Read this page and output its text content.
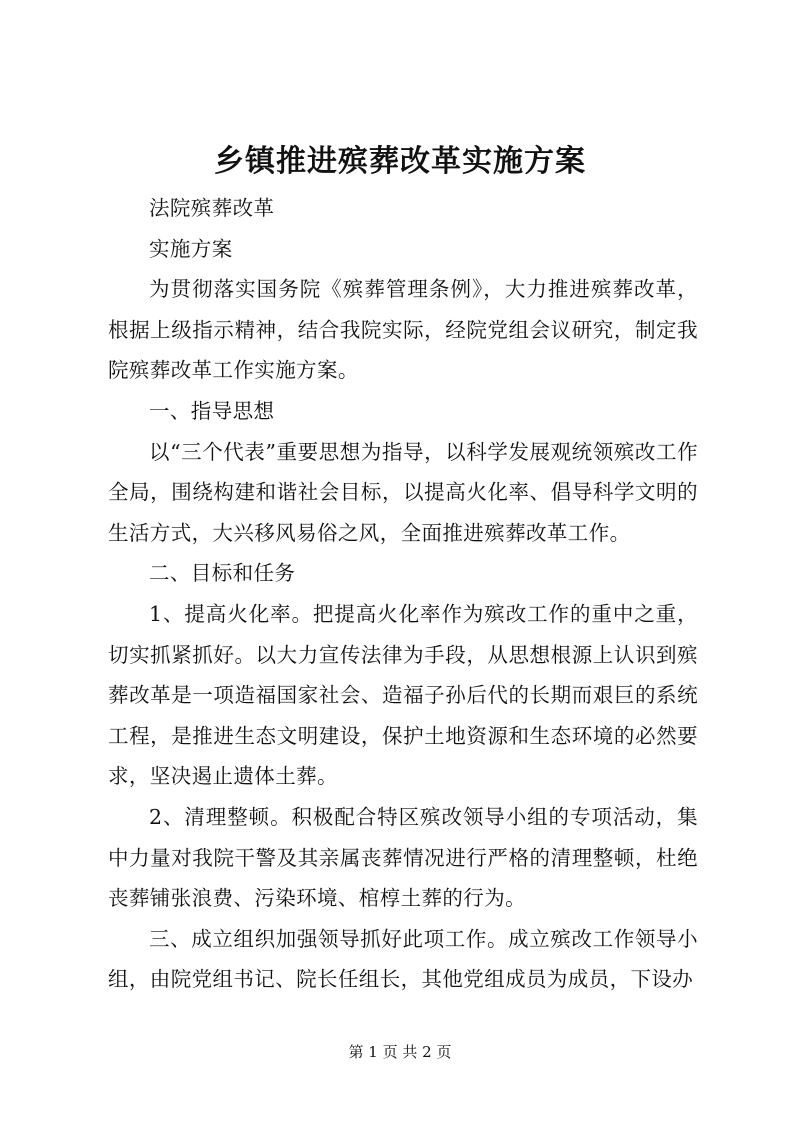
乡镇推进殡葬改革实施方案

法院殡葬改革

实施方案

为贯彻落实国务院《殡葬管理条例》，大力推进殡葬改革，根据上级指示精神，结合我院实际，经院党组会议研究，制定我院殡葬改革工作实施方案。

一、指导思想

以“三个代表”重要思想为指导，以科学发展观统领殡改工作全局，围绕构建和谐社会目标，以提高火化率、倡导科学文明的生活方式，大兴移风易俗之风，全面推进殡葬改革工作。

二、目标和任务

1、提高火化率。把提高火化率作为殡改工作的重中之重，切实抓紧抓好。以大力宣传法律为手段，从思想根源上认识到殡葬改革是一项造福国家社会、造福子孙后代的长期而艰巨的系统工程，是推进生态文明建设，保护土地资源和生态环境的必然要求，坚决遏止遗体土葬。

2、清理整顿。积极配合特区殡改领导小组的专项活动，集中力量对我院干警及其亲属丧葬情况进行严格的清理整顿，杜绝丧葬铺张浪费、污染环境、棺椁土葬的行为。

三、成立组织加强领导抓好此项工作。成立殡改工作领导小组，由院党组书记、院长任组长，其他党组成员为成员，下设办

第 1 页 共 2 页
